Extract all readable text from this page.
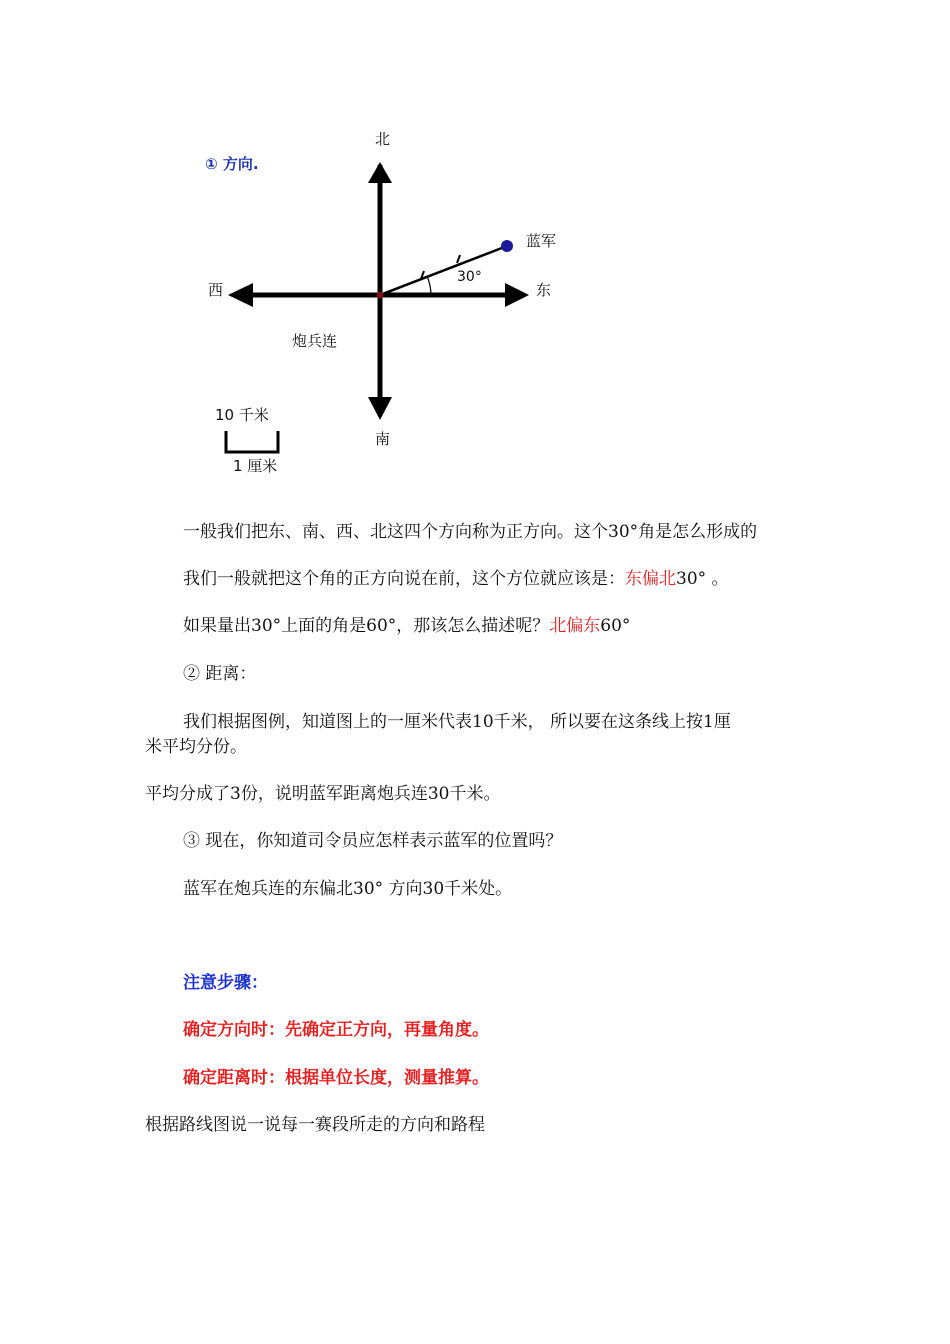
① 方向.
北
南
西	东
蓝军
炮兵连
30°
10 千米
1 厘米
一般我们把东、南、西、北这四个方向称为正方向。这个30°角是怎么形成的
我们一般就把这个角的正方向说在前，这个方位就应该是：东偏北30° 。
如果量出30°上面的角是60°，那该怎么描述呢？北偏东60°
② 距离：
我们根据图例，知道图上的一厘米代表10千米， 所以要在这条线上按1厘
米平均分份。
平均分成了3份，说明蓝军距离炮兵连30千米。
③ 现在，你知道司令员应怎样表示蓝军的位置吗？
蓝军在炮兵连的东偏北30° 方向30千米处。
注意步骤：
确定方向时：先确定正方向，再量角度。
确定距离时：根据单位长度，测量推算。
根据路线图说一说每一赛段所走的方向和路程
